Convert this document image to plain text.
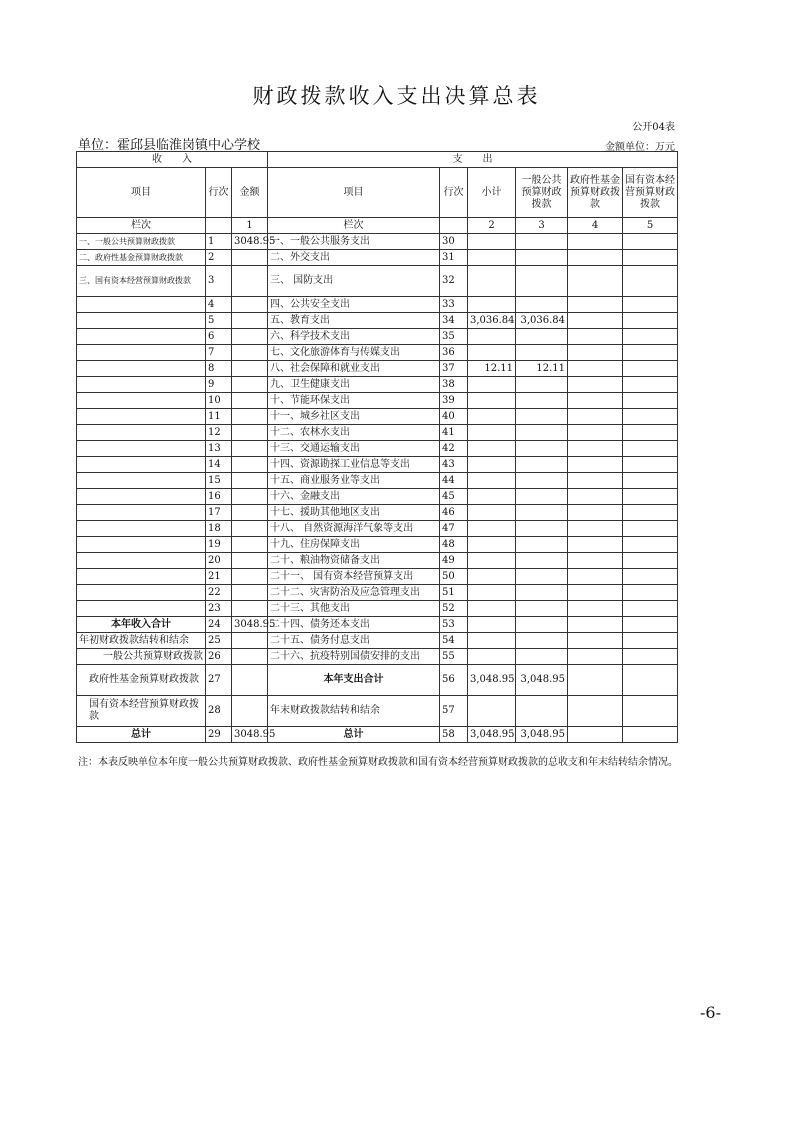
财政拨款收入支出决算总表
公开04表
单位：霍邱县临淮岗镇中心学校	金额单位：万元
收　　入			支　　出					
项目	行次	金额	项目	行次	小计	一般公共预算财政拨款	政府性基金预算财政拨款	国有资本经营预算财政拨款
栏次		1	栏次		2	3	4	5
一、一般公共预算财政拨款	1	3048.95	一、一般公共服务支出	30				
二、政府性基金预算财政拨款	2		二、外交支出	31				
三、国有资本经营预算财政拨款	3		三、 国防支出	32				
	4		四、公共安全支出	33				
	5		五、教育支出	34	3,036.84	3,036.84		
	6		六、科学技术支出	35				
	7		七、文化旅游体育与传媒支出	36				
	8		八、社会保障和就业支出	37	12.11	12.11		
	9		九、卫生健康支出	38				
	10		十、节能环保支出	39				
	11		十一、城乡社区支出	40				
	12		十二、农林水支出	41				
	13		十三、交通运输支出	42				
	14		十四、资源勘探工业信息等支出	43				
	15		十五、商业服务业等支出	44				
	16		十六、金融支出	45				
	17		十七、援助其他地区支出	46				
	18		十八、 自然资源海洋气象等支出	47				
	19		十九、住房保障支出	48				
	20		二十、粮油物资储备支出	49				
	21		二十一、 国有资本经营预算支出	50				
	22		二十二、灾害防治及应急管理支出	51				
	23		二十三、其他支出	52				
本年收入合计	24	3048.95	二十四、债务还本支出	53				
年初财政拨款结转和结余	25		二十五、债务付息支出	54				
一般公共预算财政拨款	26		二十六、抗疫特别国债安排的支出	55				
政府性基金预算财政拨款	27		本年支出合计	56	3,048.95	3,048.95		
国有资本经营预算财政拨款	28		年末财政拨款结转和结余	57				
总计	29	3048.95	总计	58	3,048.95	3,048.95		
注：本表反映单位本年度一般公共预算财政拨款、政府性基金预算财政拨款和国有资本经营预算财政拨款的总收支和年末结转结余情况。
-6-
